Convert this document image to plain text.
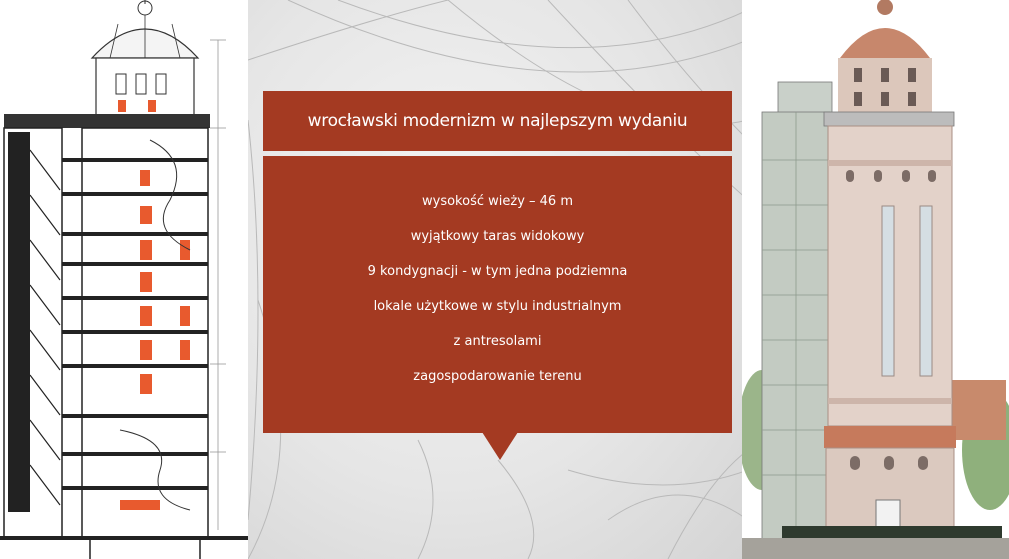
wrocławski modernizm w najlepszym wydaniu
wysokość wieży – 46 m
wyjątkowy taras widokowy
9 kondygnacji - w tym jedna podziemna
lokale użytkowe w stylu industrialnym
z antresolami
zagospodarowanie terenu
